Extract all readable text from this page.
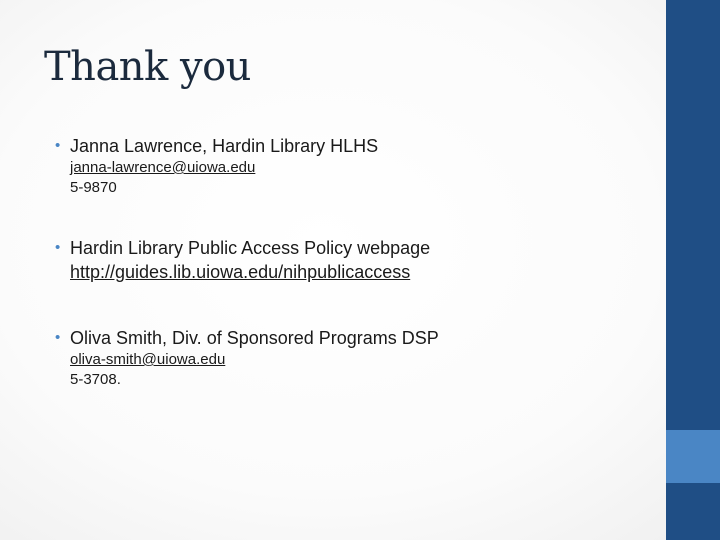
Thank you
• Janna Lawrence, Hardin Library HLHS
janna-lawrence@uiowa.edu
5-9870
• Hardin Library Public Access Policy webpage
http://guides.lib.uiowa.edu/nihpublicaccess
• Oliva Smith, Div. of Sponsored Programs DSP
oliva-smith@uiowa.edu
5-3708.
